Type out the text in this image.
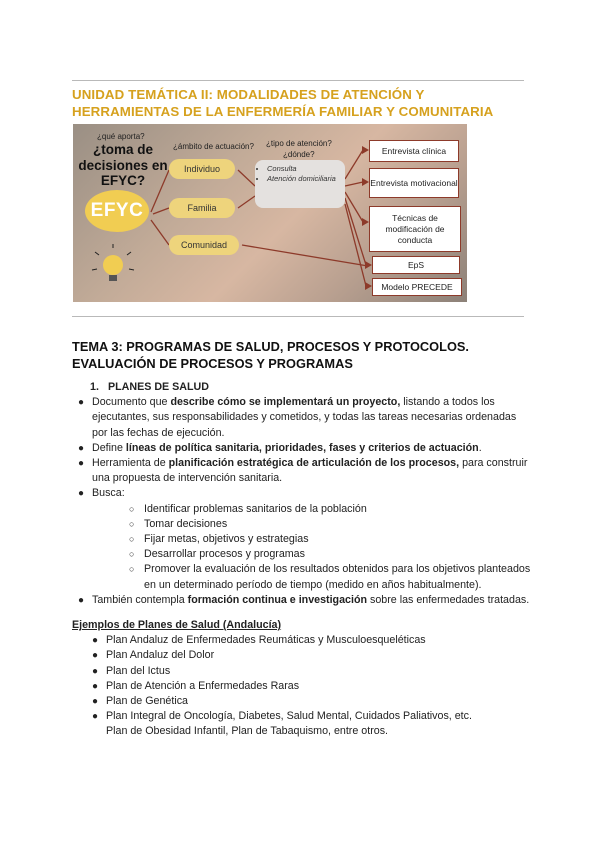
UNIDAD TEMÁTICA II: MODALIDADES DE ATENCIÓN Y HERRAMIENTAS DE LA ENFERMERÍA FAMILIAR Y COMUNITARIA
¿qué aporta?
¿ámbito de actuación?
¿toma de decisiones en EFYC?
EFYC
Individuo
Familia
Comunidad
¿tipo de atención?
¿dónde?
• Consulta
• Atención domiciliaria
Entrevista clínica
Entrevista motivacional
Técnicas de modificación de conducta
EpS
Modelo PRECEDE
TEMA 3: PROGRAMAS DE SALUD, PROCESOS Y PROTOCOLOS. EVALUACIÓN DE PROCESOS Y PROGRAMAS

1. PLANES DE SALUD

● Documento que describe cómo se implementará un proyecto, listando a todos los ejecutantes, sus responsabilidades y cometidos, y todas las tareas necesarias ordenadas por las fechas de ejecución.

● Define líneas de política sanitaria, prioridades, fases y criterios de actuación.

● Herramienta de planificación estratégica de articulación de los procesos, para construir una propuesta de intervención sanitaria.

● Busca:

○ Identificar problemas sanitarios de la población

○ Tomar decisiones

○ Fijar metas, objetivos y estrategias

○ Desarrollar procesos y programas

○ Promover la evaluación de los resultados obtenidos para los objetivos planteados en un determinado período de tiempo (medido en años habitualmente).

● También contempla formación continua e investigación sobre las enfermedades tratadas.

Ejemplos de Planes de Salud (Andalucía)

● Plan Andaluz de Enfermedades Reumáticas y Musculoesqueléticas

● Plan Andaluz del Dolor

● Plan del Ictus

● Plan de Atención a Enfermedades Raras

● Plan de Genética

● Plan Integral de Oncología, Diabetes, Salud Mental, Cuidados Paliativos, etc.

Plan de Obesidad Infantil, Plan de Tabaquismo, entre otros.
